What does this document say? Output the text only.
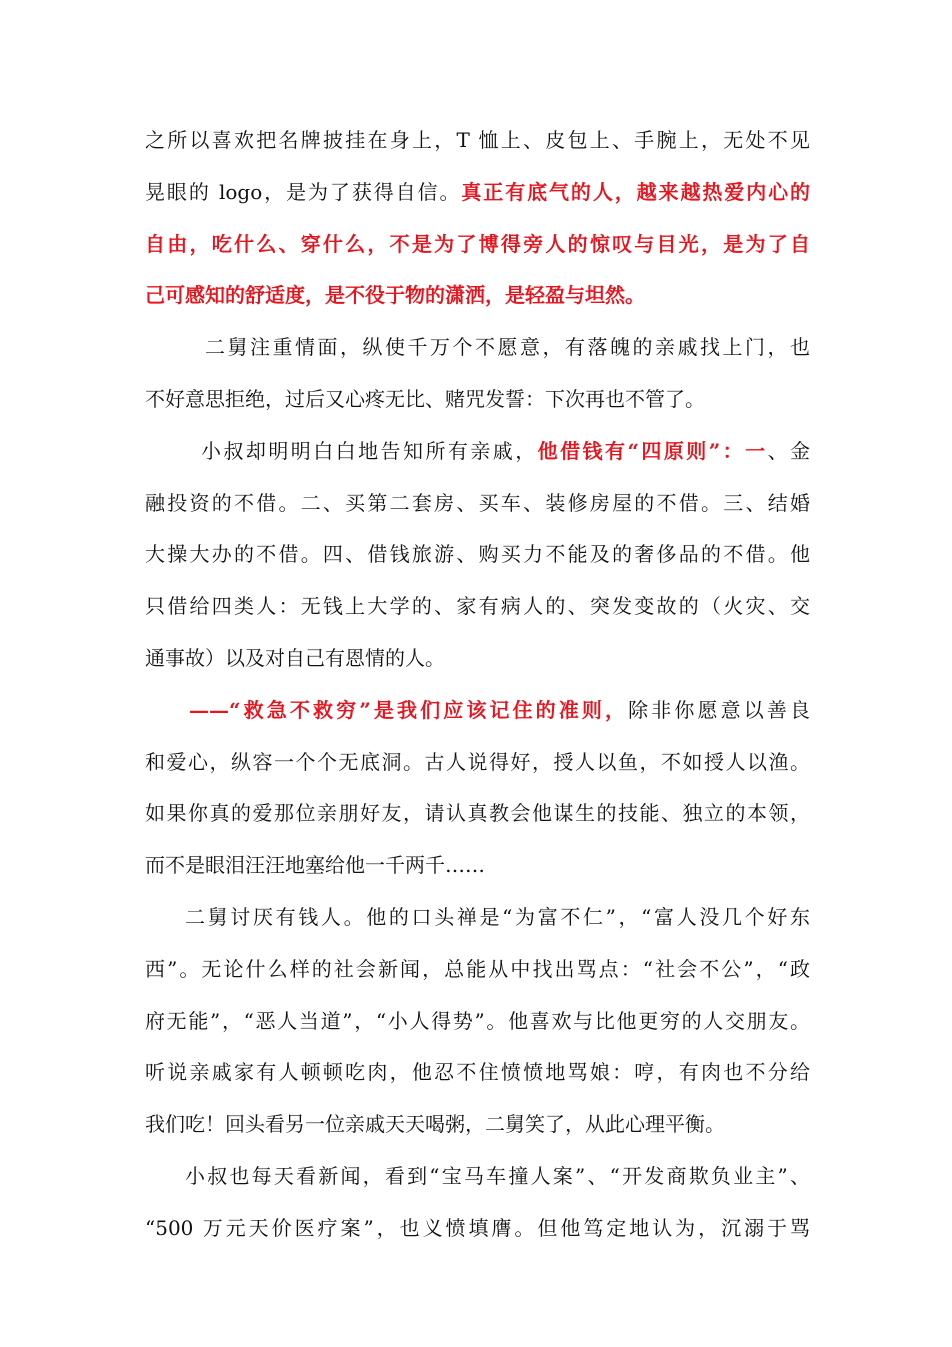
之所以喜欢把名牌披挂在身上，T 恤上、皮包上、手腕上，无处不见
晃眼的 logo，是为了获得自信。真正有底气的人，越来越热爱内心的
自由，吃什么、穿什么，不是为了博得旁人的惊叹与目光，是为了自
己可感知的舒适度，是不役于物的潇洒，是轻盈与坦然。
二舅注重情面，纵使千万个不愿意，有落魄的亲戚找上门，也
不好意思拒绝，过后又心疼无比、赌咒发誓：下次再也不管了。
小叔却明明白白地告知所有亲戚，他借钱有“四原则”：一、金
融投资的不借。二、买第二套房、买车、装修房屋的不借。三、结婚
大操大办的不借。四、借钱旅游、购买力不能及的奢侈品的不借。他
只借给四类人：无钱上大学的、家有病人的、突发变故的（火灾、交
通事故）以及对自己有恩情的人。
——“救急不救穷”是我们应该记住的准则，除非你愿意以善良
和爱心，纵容一个个无底洞。古人说得好，授人以鱼，不如授人以渔。
如果你真的爱那位亲朋好友，请认真教会他谋生的技能、独立的本领，
而不是眼泪汪汪地塞给他一千两千……
二舅讨厌有钱人。他的口头禅是“为富不仁”，“富人没几个好东
西”。无论什么样的社会新闻，总能从中找出骂点：“社会不公”，“政
府无能”，“恶人当道”，“小人得势”。他喜欢与比他更穷的人交朋友。
听说亲戚家有人顿顿吃肉，他忍不住愤愤地骂娘：哼，有肉也不分给
我们吃！回头看另一位亲戚天天喝粥，二舅笑了，从此心理平衡。
小叔也每天看新闻，看到“宝马车撞人案”、“开发商欺负业主”、
“500 万元天价医疗案”，也义愤填膺。但他笃定地认为，沉溺于骂
